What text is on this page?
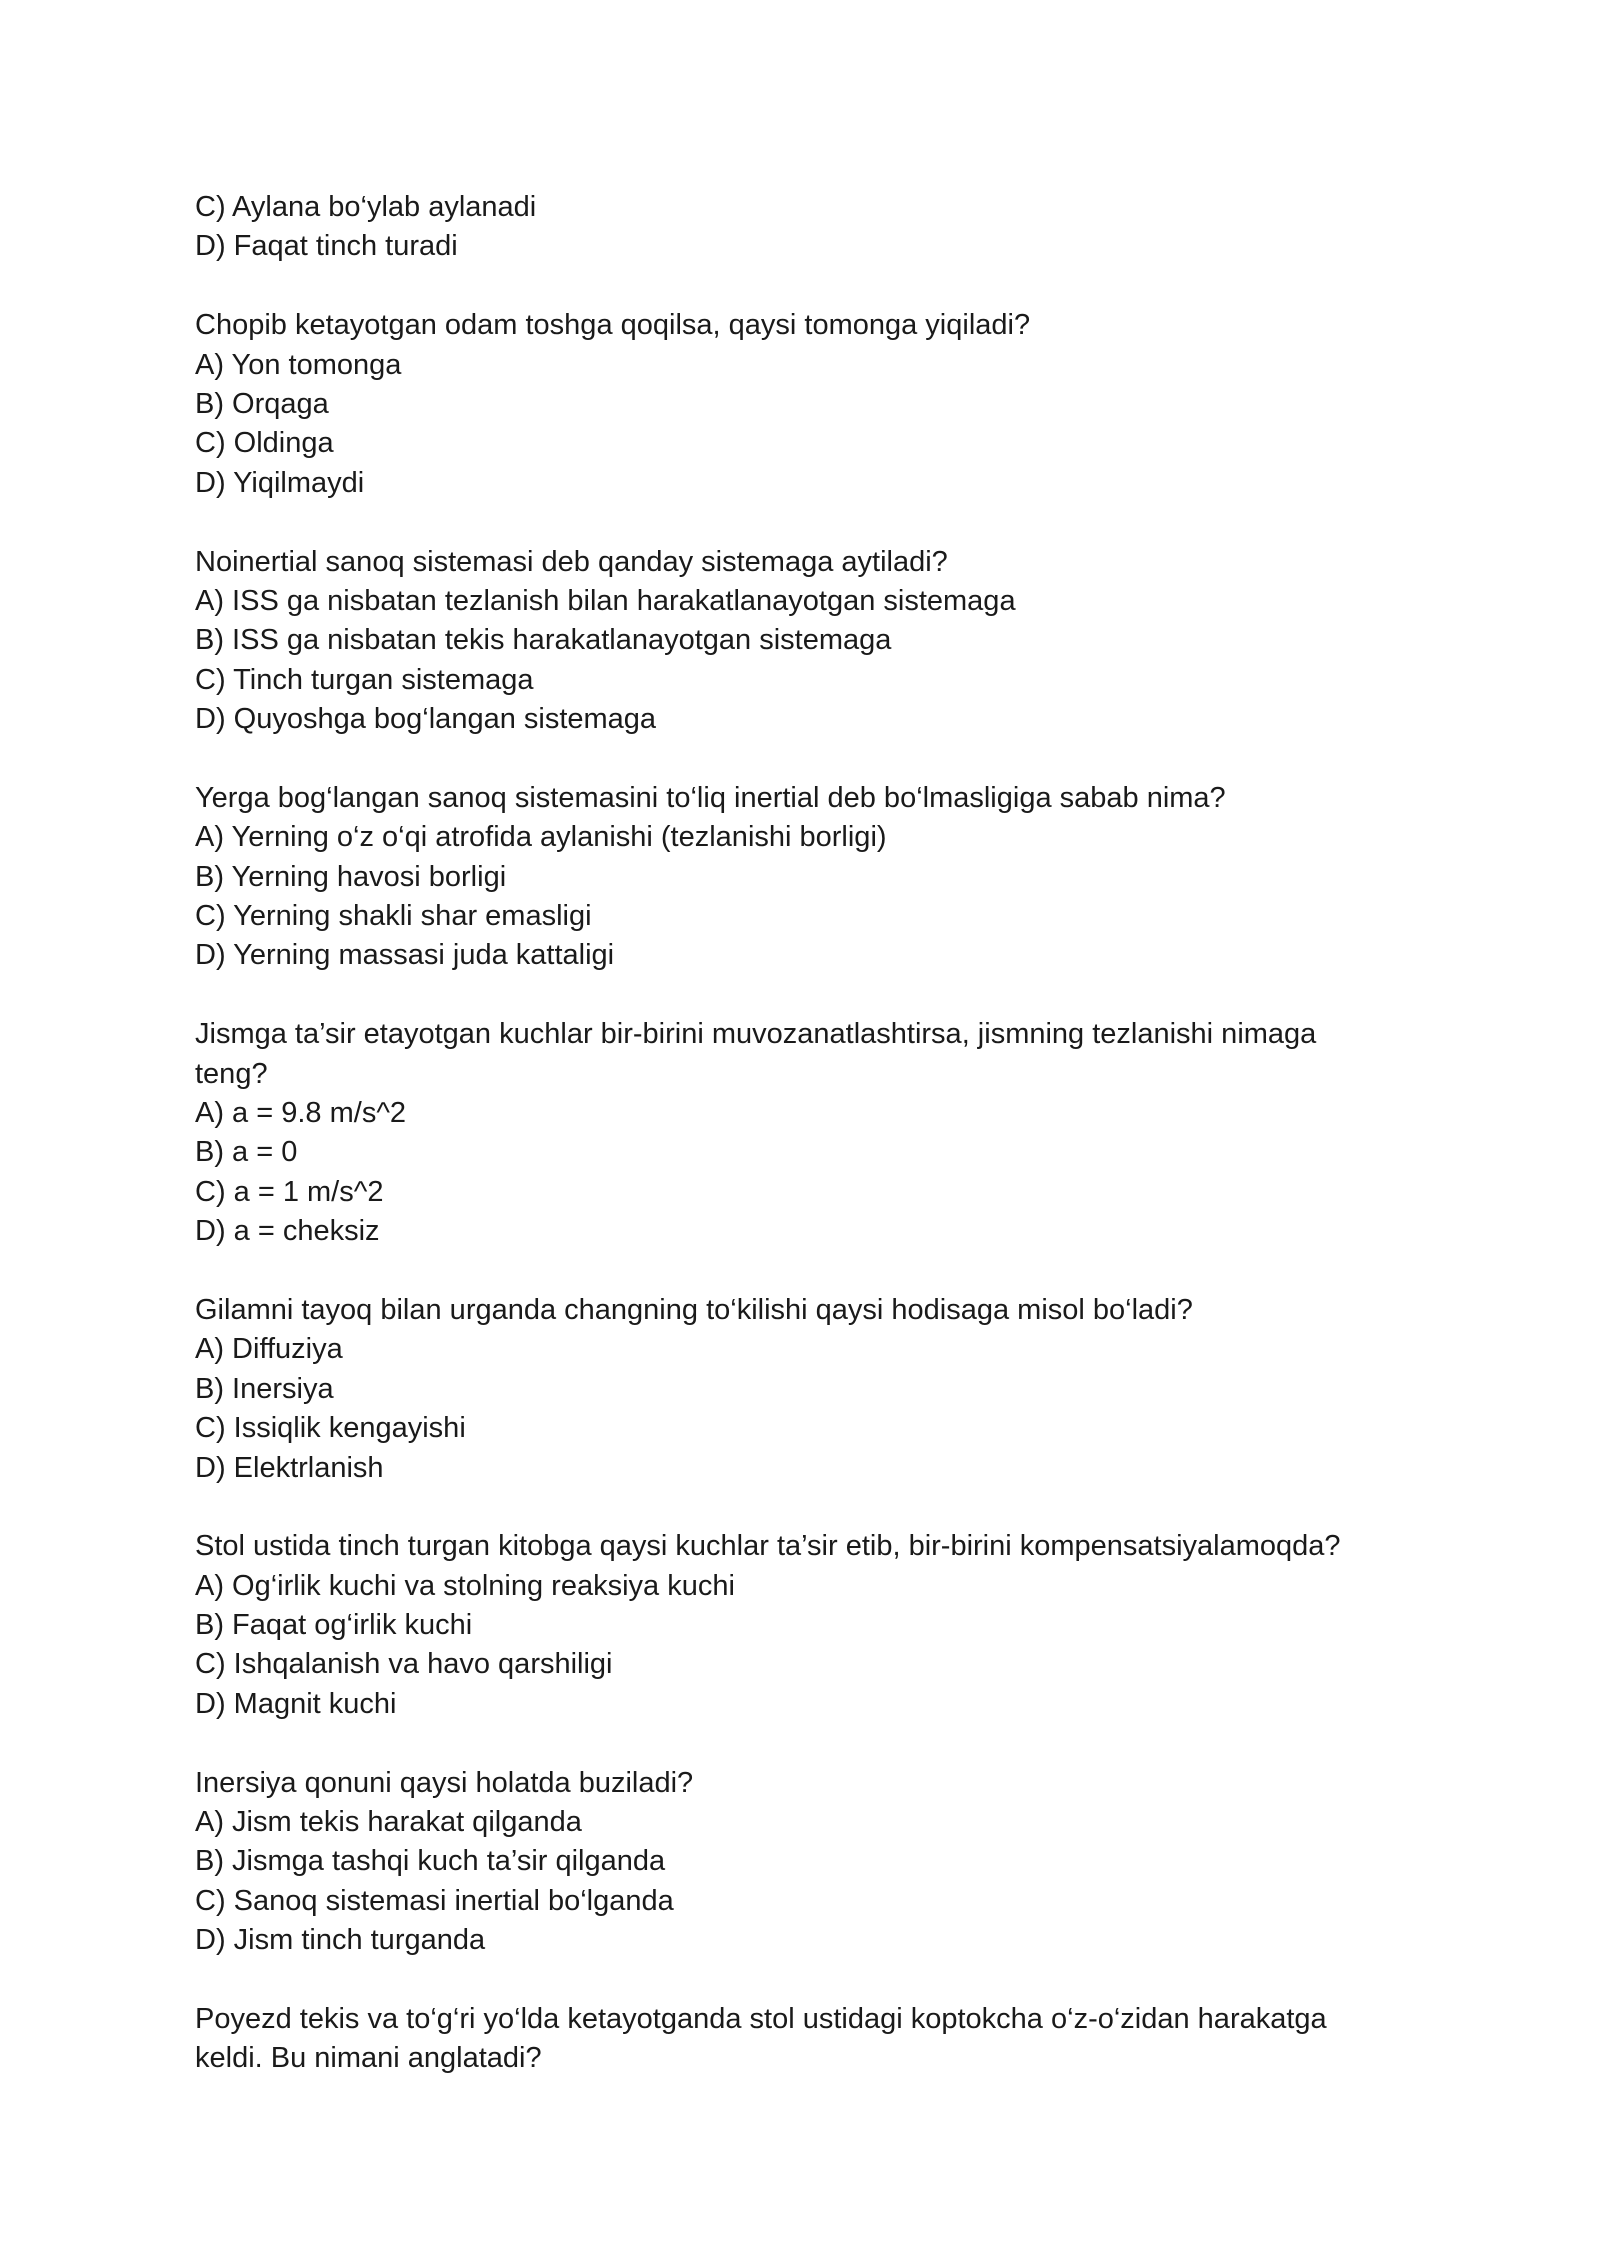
C) Aylana bo‘ylab aylanadi
D) Faqat tinch turadi
Chopib ketayotgan odam toshga qoqilsa, qaysi tomonga yiqiladi?
A) Yon tomonga
B) Orqaga
C) Oldinga
D) Yiqilmaydi
Noinertial sanoq sistemasi deb qanday sistemaga aytiladi?
A) ISS ga nisbatan tezlanish bilan harakatlanayotgan sistemaga
B) ISS ga nisbatan tekis harakatlanayotgan sistemaga
C) Tinch turgan sistemaga
D) Quyoshga bog‘langan sistemaga
Yerga bog‘langan sanoq sistemasini to‘liq inertial deb bo‘lmasligiga sabab nima?
A) Yerning o‘z o‘qi atrofida aylanishi (tezlanishi borligi)
B) Yerning havosi borligi
C) Yerning shakli shar emasligi
D) Yerning massasi juda kattaligi
Jismga ta’sir etayotgan kuchlar bir-birini muvozanatlashtirsa, jismning tezlanishi nimaga
teng?
A) a = 9.8 m/s^2
B) a = 0
C) a = 1 m/s^2
D) a = cheksiz
Gilamni tayoq bilan urganda changning to‘kilishi qaysi hodisaga misol bo‘ladi?
A) Diffuziya
B) Inersiya
C) Issiqlik kengayishi
D) Elektrlanish
Stol ustida tinch turgan kitobga qaysi kuchlar ta’sir etib, bir-birini kompensatsiyalamoqda?
A) Og‘irlik kuchi va stolning reaksiya kuchi
B) Faqat og‘irlik kuchi
C) Ishqalanish va havo qarshiligi
D) Magnit kuchi
Inersiya qonuni qaysi holatda buziladi?
A) Jism tekis harakat qilganda
B) Jismga tashqi kuch ta’sir qilganda
C) Sanoq sistemasi inertial bo‘lganda
D) Jism tinch turganda
Poyezd tekis va to‘g‘ri yo‘lda ketayotganda stol ustidagi koptokcha o‘z-o‘zidan harakatga
keldi. Bu nimani anglatadi?
